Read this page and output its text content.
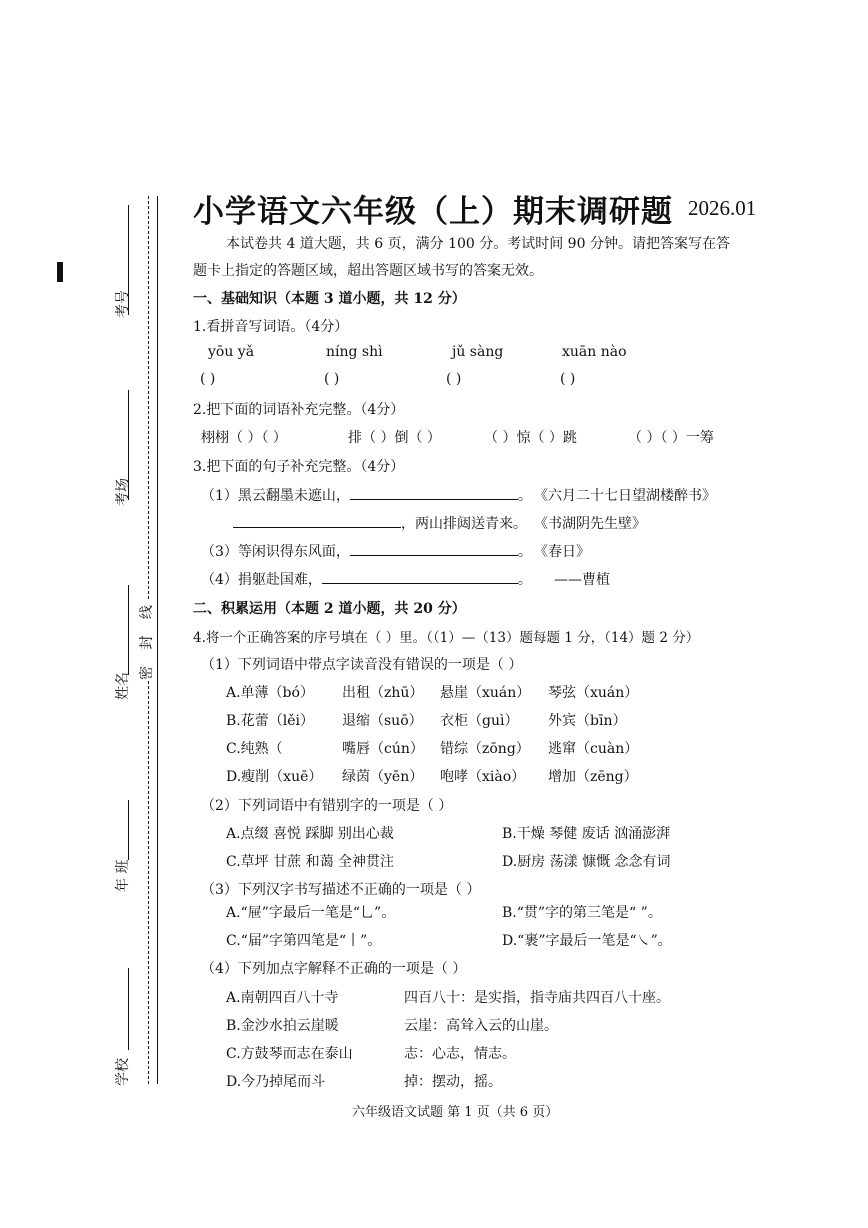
考号
考场
姓名
年 班
学校
密 封 线
小学语文六年级（上）期末调研题 2026.01
本试卷共 4 道大题，共 6 页，满分 100 分。考试时间 90 分钟。请把答案写在答
题卡上指定的答题区域，超出答题区域书写的答案无效。
一、基础知识（本题 3 道小题，共 12 分）
1.看拼音写词语。（4分）
yōu yǎ	níng shì	jǔ sàng	xuān nào
( )	( )	( )	( )
2.把下面的词语补充完整。（4分）
栩栩（ ）（ ）	排（ ）倒（ ）	（ ）惊（ ）跳	（ ）（ ）一筹
3.把下面的句子补充完整。（4分）
（1）黑云翻墨未遮山，	。 《六月二十七日望湖楼醉书》
，两山排闼送青来。 《书湖阴先生壁》
（3）等闲识得东风面，	。 《春日》
（4）捐躯赴国难，	。 ——曹植
二、积累运用（本题 2 道小题，共 20 分）
4.将一个正确答案的序号填在（ ）里。（（1）—（13）题每题 1 分，（14）题 2 分）
（1）下列词语中带点字读音没有错误的一项是（ ）
A.单薄（bó） 出租（zhū） 悬崖（xuán） 琴弦（xuán）
B.花蕾（lěi） 退缩（suō） 衣柜（guì） 外宾（bīn）
C.纯熟（	嘴唇（cún） 错综（zōng） 逃窜（cuàn）
D.瘦削（xuē） 绿茵（yēn） 咆哮（xiào） 增加（zēng）
（2）下列词语中有错别字的一项是（ ）
A.点缀 喜悦 踩脚 别出心裁	B.干燥 琴健 废话 汹涌澎湃
C.草坪 甘蔗 和蔼 全神贯注	D.厨房 荡漾 慷慨 念念有词
（3）下列汉字书写描述不正确的一项是（ ）
A.“屉”字最后一笔是“乚”。	B.“贯”字的第三笔是“ ”。
C.“届”字第四笔是“丨”。	D.“裹”字最后一笔是“㇏”。
（4）下列加点字解释不正确的一项是（ ）
A.南朝四百八十寺	四百八十：是实指，指寺庙共四百八十座。
B.金沙水拍云崖暖	云崖：高耸入云的山崖。
C.方鼓琴而志在泰山	志：心志，情志。
D.今乃掉尾而斗	掉：摆动，摇。
六年级语文试题 第 1 页（共 6 页）
